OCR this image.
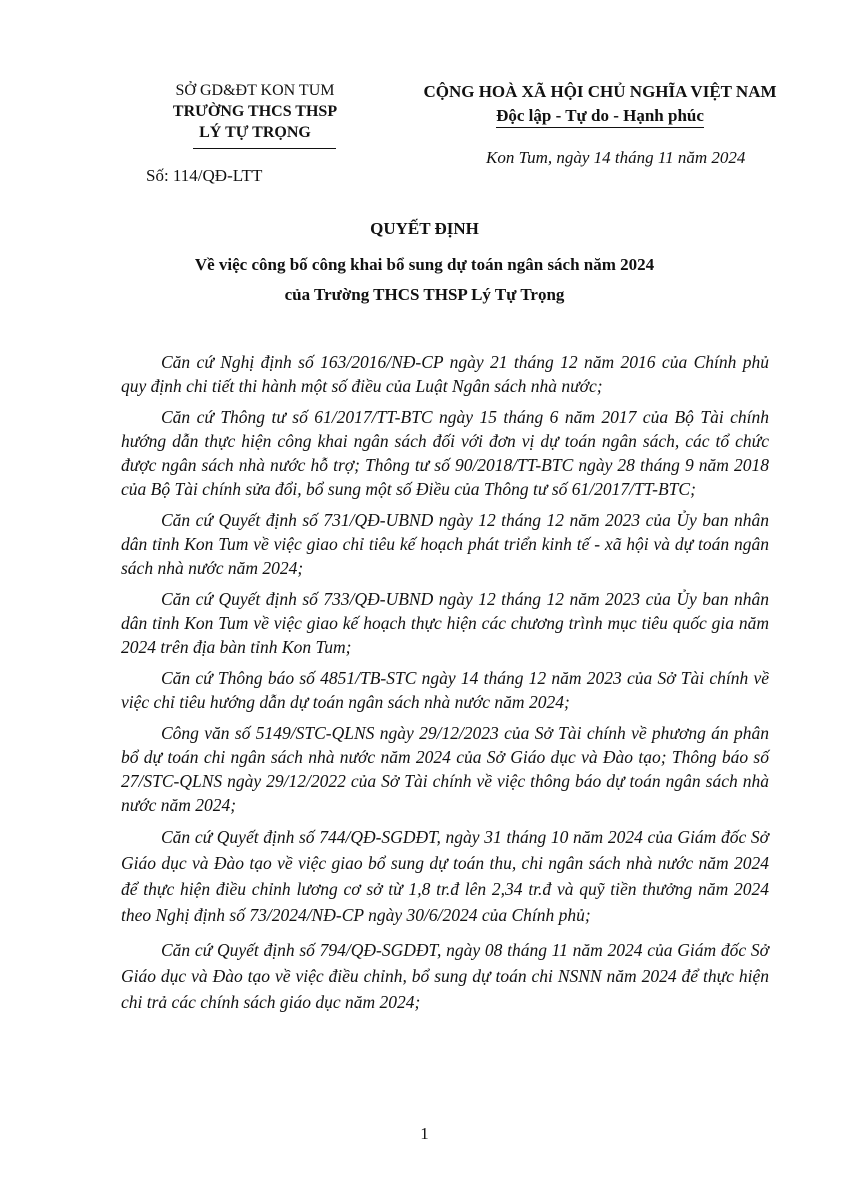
SỞ GD&ĐT KON TUM
TRƯỜNG THCS THSP
LÝ TỰ TRỌNG
Số: 114/QĐ-LTT
CỘNG HOÀ XÃ HỘI CHỦ NGHĨA VIỆT NAM
Độc lập - Tự do - Hạnh phúc
Kon Tum, ngày 14 tháng 11 năm 2024
QUYẾT ĐỊNH
Về việc công bố công khai bổ sung dự toán ngân sách năm 2024
của Trường THCS THSP Lý Tự Trọng

Căn cứ Nghị định số 163/2016/NĐ-CP ngày 21 tháng 12 năm 2016 của Chính phủ quy định chi tiết thi hành một số điều của Luật Ngân sách nhà nước;

Căn cứ Thông tư số 61/2017/TT-BTC ngày 15 tháng 6 năm 2017 của Bộ Tài chính hướng dẫn thực hiện công khai ngân sách đối với đơn vị dự toán ngân sách, các tổ chức được ngân sách nhà nước hỗ trợ; Thông tư số 90/2018/TT-BTC ngày 28 tháng 9 năm 2018 của Bộ Tài chính sửa đổi, bổ sung một số Điều của Thông tư số 61/2017/TT-BTC;

Căn cứ Quyết định số 731/QĐ-UBND ngày 12 tháng 12 năm 2023 của Ủy ban nhân dân tỉnh Kon Tum về việc giao chỉ tiêu kế hoạch phát triển kinh tế - xã hội và dự toán ngân sách nhà nước năm 2024;

Căn cứ Quyết định số 733/QĐ-UBND ngày 12 tháng 12 năm 2023 của Ủy ban nhân dân tỉnh Kon Tum về việc giao kế hoạch thực hiện các chương trình mục tiêu quốc gia năm 2024 trên địa bàn tỉnh Kon Tum;

Căn cứ Thông báo số 4851/TB-STC ngày 14 tháng 12 năm 2023 của Sở Tài chính về việc chỉ tiêu hướng dẫn dự toán ngân sách nhà nước năm 2024;

Công văn số 5149/STC-QLNS ngày 29/12/2023 của Sở Tài chính về phương án phân bổ dự toán chi ngân sách nhà nước năm 2024 của Sở Giáo dục và Đào tạo; Thông báo số 27/STC-QLNS ngày 29/12/2022 của Sở Tài chính về việc thông báo dự toán ngân sách nhà nước năm 2024;

Căn cứ Quyết định số 744/QĐ-SGDĐT, ngày 31 tháng 10 năm 2024 của Giám đốc Sở Giáo dục và Đào tạo về việc giao bổ sung dự toán thu, chi ngân sách nhà nước năm 2024 để thực hiện điều chỉnh lương cơ sở từ 1,8 tr.đ lên 2,34 tr.đ và quỹ tiền thưởng năm 2024 theo Nghị định số 73/2024/NĐ-CP ngày 30/6/2024 của Chính phủ;

Căn cứ Quyết định số 794/QĐ-SGDĐT, ngày 08 tháng 11 năm 2024 của Giám đốc Sở Giáo dục và Đào tạo về việc điều chỉnh, bổ sung dự toán chi NSNN năm 2024 để thực hiện chi trả các chính sách giáo dục năm 2024;

1
